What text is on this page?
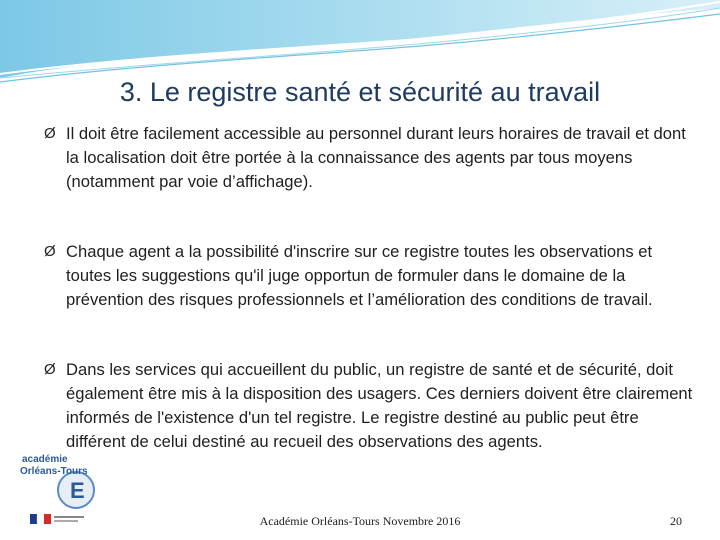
3. Le registre santé et sécurité au travail
Ø Il doit être facilement accessible au personnel durant leurs horaires de travail et dont la localisation doit être portée à la connaissance des agents par tous moyens (notamment par voie d’affichage).
Ø Chaque agent a la possibilité d'inscrire sur ce registre toutes les observations et toutes les suggestions qu'il juge opportun de formuler dans le domaine de la prévention des risques professionnels et l’amélioration des conditions de travail.
Ø Dans les services qui accueillent du public, un registre de santé et de sécurité, doit également être mis à la disposition des usagers. Ces derniers doivent être clairement informés de l'existence d'un tel registre. Le registre destiné au public peut être différent de celui destiné au recueil des observations des agents.
E
académie
Orléans-Tours
Académie Orléans-Tours Novembre 2016	20
